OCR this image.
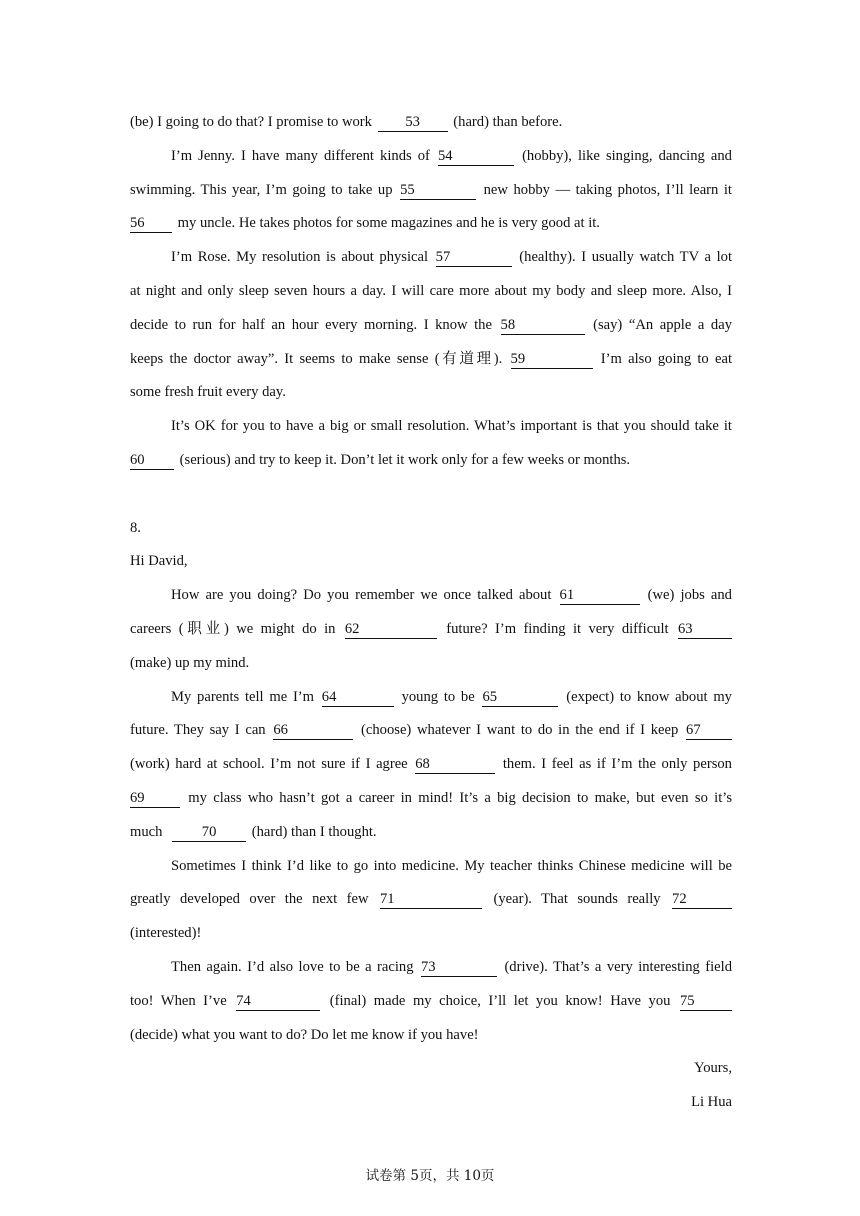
(be) I going to do that? I promise to work 53 (hard) than before.
I’m Jenny. I have many different kinds of 54	(hobby), like singing, dancing and
swimming. This year, I’m going to take up 55	new hobby — taking photos, I’ll learn it
56 my uncle. He takes photos for some magazines and he is very good at it.
I’m Rose. My resolution is about physical 57	(healthy). I usually watch TV a lot
at night and only sleep seven hours a day. I will care more about my body and sleep more. Also, I
decide to run for half an hour every morning. I know the 58	(say) “An apple a day
keeps the doctor away”. It seems to make sense (有道理). 59	I’m also going to eat
some fresh fruit every day.
It’s OK for you to have a big or small resolution. What’s important is that you should take it
60 (serious) and try to keep it. Don’t let it work only for a few weeks or months.
8.
Hi David,
How are you doing? Do you remember we once talked about 61	(we) jobs and
careers (职业) we might do in 62	future? I’m finding it very difficult 63
(make) up my mind.
My parents tell me I’m 64	young to be 65	(expect) to know about my
future. They say I can 66	(choose) whatever I want to do in the end if I keep 67
(work) hard at school. I’m not sure if I agree 68	them. I feel as if I’m the only person
69	my class who hasn’t got a career in mind! It’s a big decision to make, but even so it’s
much	70 (hard) than I thought.
Sometimes I think I’d like to go into medicine. My teacher thinks Chinese medicine will be
greatly developed over the next few 71	(year). That sounds really 72
(interested)!
Then again. I’d also love to be a racing 73	(drive). That’s a very interesting field
too! When I’ve 74	(final) made my choice, I’ll let you know! Have you 75
(decide) what you want to do? Do let me know if you have!
Yours,
Li Hua
试卷第 5页，共 10页
